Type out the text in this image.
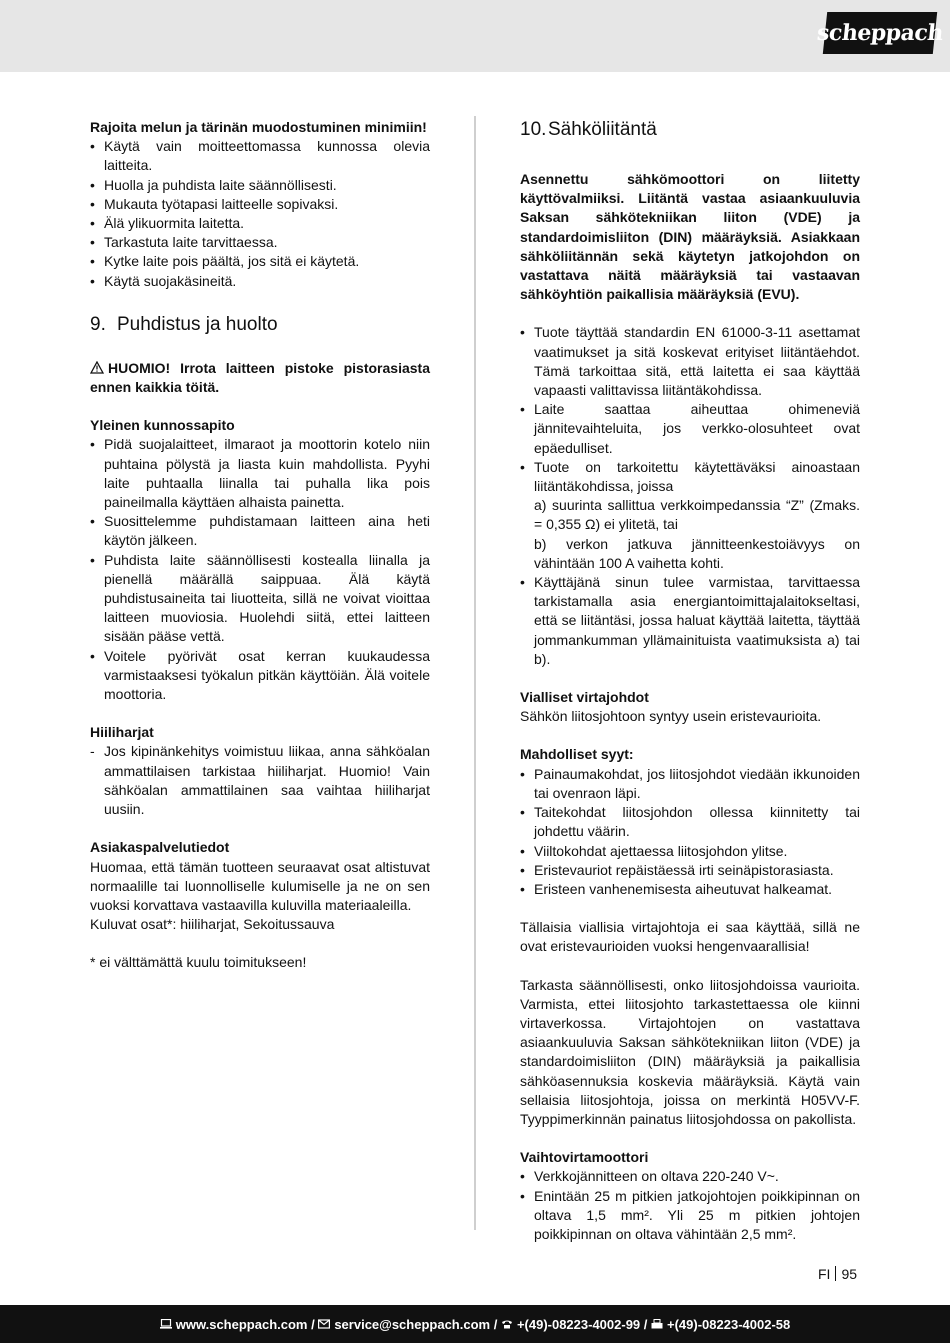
scheppach

Rajoita melun ja tärinän muodostuminen minimiin!

• Käytä vain moitteettomassa kunnossa olevia laitteita.
• Huolla ja puhdista laite säännöllisesti.
• Mukauta työtapasi laitteelle sopivaksi.
• Älä ylikuormita laitetta.
• Tarkastuta laite tarvittaessa.
• Kytke laite pois päältä, jos sitä ei käytetä.
• Käytä suojakäsineitä.
9. Puhdistus ja huolto

HUOMIO! Irrota laitteen pistoke pistorasiasta ennen kaikkia töitä.

Yleinen kunnossapito

• Pidä suojalaitteet, ilmaraot ja moottorin kotelo niin puhtaina pölystä ja liasta kuin mahdollista. Pyyhi laite puhtaalla liinalla tai puhalla lika pois paineilmalla käyttäen alhaista painetta.
• Suosittelemme puhdistamaan laitteen aina heti käytön jälkeen.
• Puhdista laite säännöllisesti kostealla liinalla ja pienellä määrällä saippuaa. Älä käytä puhdistusaineita tai liuotteita, sillä ne voivat vioittaa laitteen muoviosia. Huolehdi siitä, ettei laitteen sisään pääse vettä.
• Voitele pyörivät osat kerran kuukaudessa varmistaaksesi työkalun pitkän käyttöiän. Älä voitele moottoria.

Hiiliharjat

- Jos kipinänkehitys voimistuu liikaa, anna sähköalan ammattilaisen tarkistaa hiiliharjat. Huomio! Vain sähköalan ammattilainen saa vaihtaa hiiliharjat uusiin.

Asiakaspalvelutiedot

Huomaa, että tämän tuotteen seuraavat osat altistuvat normaalille tai luonnolliselle kulumiselle ja ne on sen vuoksi korvattava vastaavilla kuluvilla materiaaleilla.

Kuluvat osat*: hiiliharjat, Sekoitussauva

* ei välttämättä kuulu toimitukseen!

10.Sähköliitäntä

Asennettu sähkömoottori on liitetty käyttövalmiiksi. Liitäntä vastaa asiaankuuluvia Saksan sähkötekniikan liiton (VDE) ja standardoimisliiton (DIN) määräyksiä. Asiakkaan sähköliitännän sekä käytetyn jatkojohdon on vastattava näitä määräyksiä tai vastaavan sähköyhtiön paikallisia määräyksiä (EVU).

• Tuote täyttää standardin EN 61000-3-11 asettamat vaatimukset ja sitä koskevat erityiset liitäntäehdot. Tämä tarkoittaa sitä, että laitetta ei saa käyttää vapaasti valittavissa liitäntäkohdissa.
• Laite saattaa aiheuttaa ohimeneviä jännitevaihteluita, jos verkko-olosuhteet ovat epäedulliset.
• Tuote on tarkoitettu käytettäväksi ainoastaan liitäntäkohdissa, joissa
a) suurinta sallittua verkkoimpedanssia “Z” (Zmaks. = 0,355 Ω) ei ylitetä, tai
b) verkon jatkuva jännitteenkestoiävyys on vähintään 100 A vaihetta kohti.
• Käyttäjänä sinun tulee varmistaa, tarvittaessa tarkistamalla asia energiantoimittajalaitokseltasi, että se liitäntäsi, jossa haluat käyttää laitetta, täyttää jommankumman yllämainituista vaatimuksista a) tai b).

Vialliset virtajohdot

Sähkön liitosjohtoon syntyy usein eristevaurioita.

Mahdolliset syyt:

• Painaumakohdat, jos liitosjohdot viedään ikkunoiden tai ovenraon läpi.
• Taitekohdat liitosjohdon ollessa kiinnitetty tai johdettu väärin.
• Viiltokohdat ajettaessa liitosjohdon ylitse.
• Eristevauriot repäistäessä irti seinäpistorasiasta.
• Eristeen vanhenemisesta aiheutuvat halkeamat.

Tällaisia viallisia virtajohtoja ei saa käyttää, sillä ne ovat eristevaurioiden vuoksi hengenvaarallisia!

Tarkasta säännöllisesti, onko liitosjohdoissa vaurioita. Varmista, ettei liitosjohto tarkastettaessa ole kiinni virtaverkossa. Virtajohtojen on vastattava asiaankuuluvia Saksan sähkötekniikan liiton (VDE) ja standardoimisliiton (DIN) määräyksiä ja paikallisia sähköasennuksia koskevia määräyksiä. Käytä vain sellaisia liitosjohtoja, joissa on merkintä H05VV-F. Tyyppimerkinnän painatus liitosjohdossa on pakollista.

Vaihtovirtamoottori

• Verkkojännitteen on oltava 220-240 V~.
• Enintään 25 m pitkien jatkojohtojen poikkipinnan on oltava 1,5 mm². Yli 25 m pitkien johtojen poikkipinnan on oltava vähintään 2,5 mm².
FI 95
www.scheppach.com / service@scheppach.com / +(49)-08223-4002-99 / +(49)-08223-4002-58
